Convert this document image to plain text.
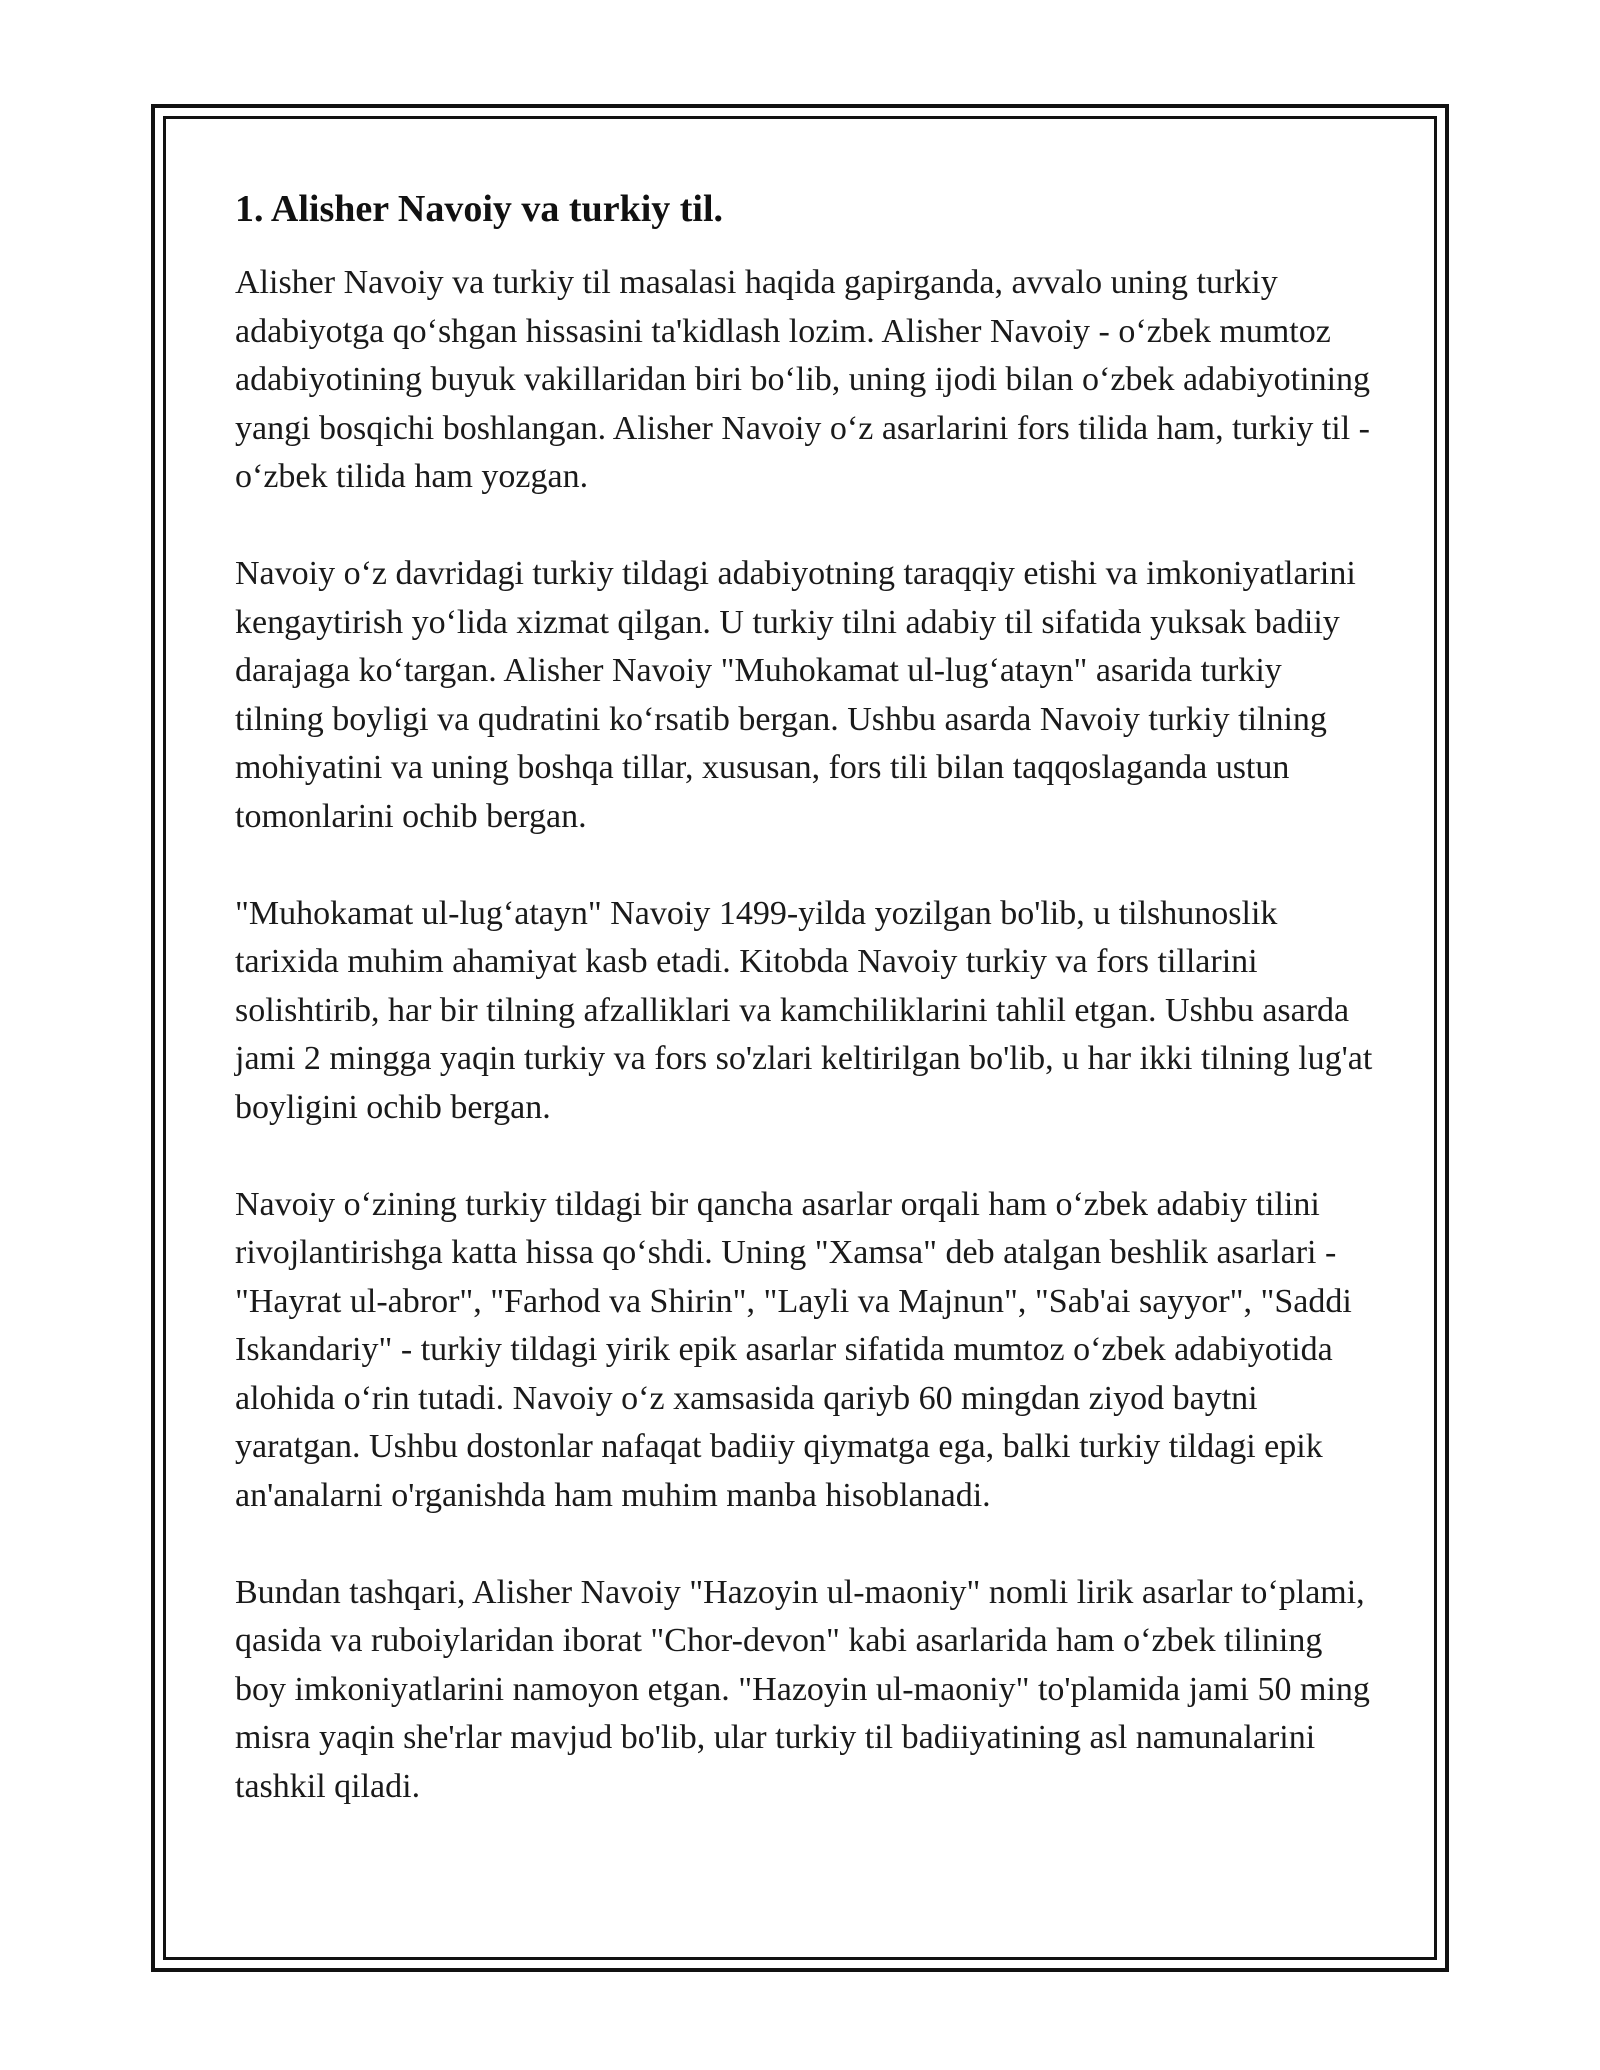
1. Alisher Navoiy va turkiy til.

Alisher Navoiy va turkiy til masalasi haqida gapirganda, avvalo uning turkiy adabiyotga qo‘shgan hissasini ta'kidlash lozim. Alisher Navoiy - o‘zbek mumtoz adabiyotining buyuk vakillaridan biri bo‘lib, uning ijodi bilan o‘zbek adabiyotining yangi bosqichi boshlangan. Alisher Navoiy o‘z asarlarini fors tilida ham, turkiy til - o‘zbek tilida ham yozgan.

Navoiy o‘z davridagi turkiy tildagi adabiyotning taraqqiy etishi va imkoniyatlarini kengaytirish yo‘lida xizmat qilgan. U turkiy tilni adabiy til sifatida yuksak badiiy darajaga ko‘targan. Alisher Navoiy "Muhokamat ul-lug‘atayn" asarida turkiy tilning boyligi va qudratini ko‘rsatib bergan. Ushbu asarda Navoiy turkiy tilning mohiyatini va uning boshqa tillar, xususan, fors tili bilan taqqoslaganda ustun tomonlarini ochib bergan.

"Muhokamat ul-lug‘atayn" Navoiy 1499-yilda yozilgan bo'lib, u tilshunoslik tarixida muhim ahamiyat kasb etadi. Kitobda Navoiy turkiy va fors tillarini solishtirib, har bir tilning afzalliklari va kamchiliklarini tahlil etgan. Ushbu asarda jami 2 mingga yaqin turkiy va fors so'zlari keltirilgan bo'lib, u har ikki tilning lug'at boyligini ochib bergan.

Navoiy o‘zining turkiy tildagi bir qancha asarlar orqali ham o‘zbek adabiy tilini rivojlantirishga katta hissa qo‘shdi. Uning "Xamsa" deb atalgan beshlik asarlari - "Hayrat ul-abror", "Farhod va Shirin", "Layli va Majnun", "Sab'ai sayyor", "Saddi Iskandariy" - turkiy tildagi yirik epik asarlar sifatida mumtoz o‘zbek adabiyotida alohida o‘rin tutadi. Navoiy o‘z xamsasida qariyb 60 mingdan ziyod baytni yaratgan. Ushbu dostonlar nafaqat badiiy qiymatga ega, balki turkiy tildagi epik an'analarni o'rganishda ham muhim manba hisoblanadi.

Bundan tashqari, Alisher Navoiy "Hazoyin ul-maoniy" nomli lirik asarlar to‘plami, qasida va ruboiylaridan iborat "Chor-devon" kabi asarlarida ham o‘zbek tilining boy imkoniyatlarini namoyon etgan. "Hazoyin ul-maoniy" to'plamida jami 50 ming misra yaqin she'rlar mavjud bo'lib, ular turkiy til badiiyatining asl namunalarini tashkil qiladi.
